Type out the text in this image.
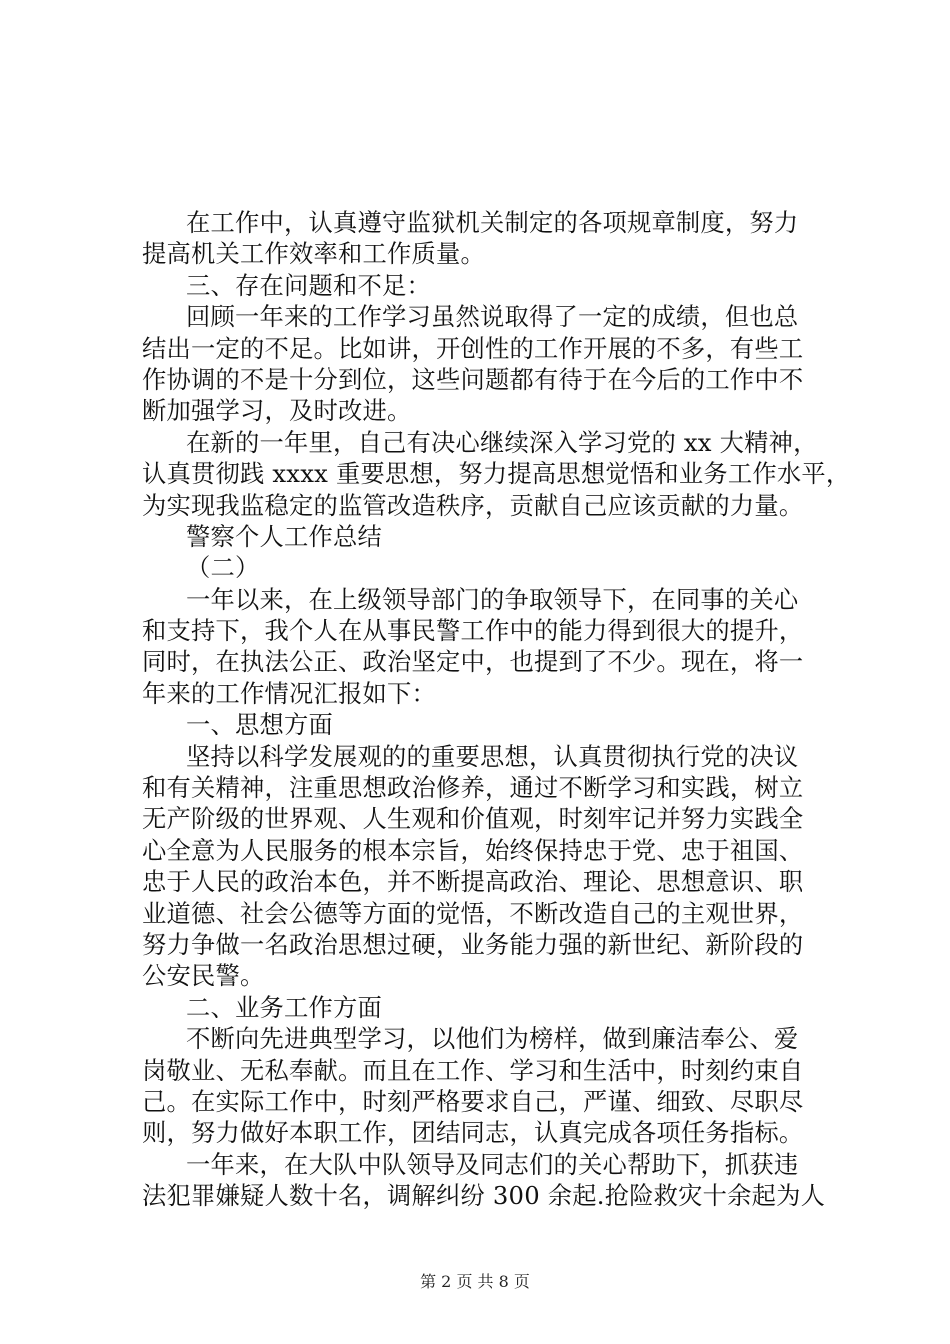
在工作中，认真遵守监狱机关制定的各项规章制度，努力
提高机关工作效率和工作质量。
三、存在问题和不足：
回顾一年来的工作学习虽然说取得了一定的成绩，但也总
结出一定的不足。比如讲，开创性的工作开展的不多，有些工
作协调的不是十分到位，这些问题都有待于在今后的工作中不
断加强学习，及时改进。
在新的一年里，自己有决心继续深入学习党的 xx 大精神，
认真贯彻践 xxxx 重要思想，努力提高思想觉悟和业务工作水平，
为实现我监稳定的监管改造秩序，贡献自己应该贡献的力量。
警察个人工作总结
（二）
一年以来，在上级领导部门的争取领导下，在同事的关心
和支持下，我个人在从事民警工作中的能力得到很大的提升，
同时，在执法公正、政治坚定中，也提到了不少。现在，将一
年来的工作情况汇报如下：
一、思想方面
坚持以科学发展观的的重要思想，认真贯彻执行党的决议
和有关精神，注重思想政治修养，通过不断学习和实践，树立
无产阶级的世界观、人生观和价值观，时刻牢记并努力实践全
心全意为人民服务的根本宗旨，始终保持忠于党、忠于祖国、
忠于人民的政治本色，并不断提高政治、理论、思想意识、职
业道德、社会公德等方面的觉悟，不断改造自己的主观世界，
努力争做一名政治思想过硬，业务能力强的新世纪、新阶段的
公安民警。
二、业务工作方面
不断向先进典型学习，以他们为榜样，做到廉洁奉公、爱
岗敬业、无私奉献。而且在工作、学习和生活中，时刻约束自
己。在实际工作中，时刻严格要求自己，严谨、细致、尽职尽
则，努力做好本职工作，团结同志，认真完成各项任务指标。
一年来，在大队中队领导及同志们的关心帮助下，抓获违
法犯罪嫌疑人数十名，调解纠纷 300 余起.抢险救灾十余起为人
第 2 页 共 8 页
